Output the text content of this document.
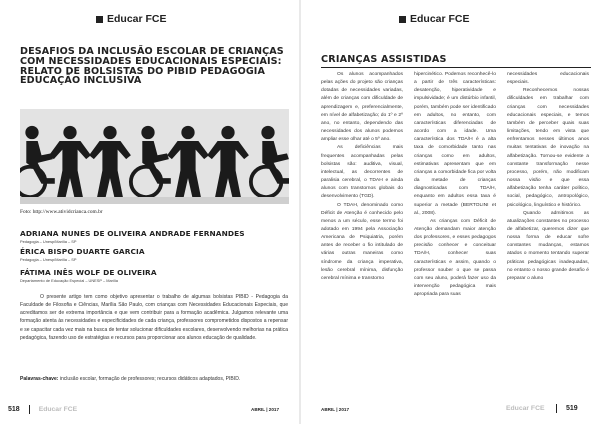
Educar FCE
DESAFIOS DA INCLUSÃO ESCOLAR DE CRIANÇAS COM NECESSIDADES EDUCACIONAIS ESPECIAIS: RELATO DE BOLSISTAS DO PIBID PEDAGOGIA EDUCAÇÃO INCLUSIVA
Foto: http://www.atividcrianca.com.br
ADRIANA NUNES DE OLIVEIRA ANDRADE FERNANDES
Pedagogia – Unesp/Marília – SP
ÉRICA BISPO DUARTE GARCIA
Pedagogia – Unesp/Marília – SP
FÁTIMA INÊS WOLF DE OLIVEIRA
Departamento de Educação Especial – UNESP – Marília
O presente artigo tem como objetivo apresentar o trabalho de algumas bolsistas PIBID - Pedagogia da Faculdade de Filosofia e Ciências, Marília São Paulo, com crianças com Necessidades Educacionais Especiais, que acreditamos ser de extrema importância e que vem contribuir para a formação acadêmica. Julgamos relevante uma formação atenta às necessidades e especificidades de cada criança, professores comprometidos dispostos a repensar e se capacitar cada vez mais na busca de tentar solucionar dificuldades escolares, desenvolvendo melhorias na prática pedagógica, fazendo uso de estratégias e recursos para proporcionar aos alunos educação de qualidade.
Palavras-chave: inclusão escolar, formação de professores; recursos didáticos adaptados, PIBID.
518	Educar FCE	ABRIL | 2017
Educar FCE
CRIANÇAS ASSISTIDAS

Os alunos acompanhados pelas ações do projeto são crianças dotadas de necessidades variadas, além de crianças com dificuldade de aprendizagem e, preferencialmente, em nível de alfabetização; do 1º e 2º ano, no entanto, dependendo das necessidades dos alunos podemos ampliar esse olhar até o 5º ano.

As deficiências mais frequentes acompanhadas pelas bolsistas são: auditiva, visual, intelectual, as decorrentes de paralisia cerebral, o TDAH e ainda alunos com transtornos globais do desenvolvimento (TGD).

O TDAH, denominado como Déficit de Atenção é conhecido pelo menos a um século, esse termo foi adotado em 1994 pela Associação Americana de Psiquiatria, porém antes de receber o fio intitulado de várias outras maneiras como síndrome da criança imperativa, lesão cerebral mínima, disfunção cerebral mínima e transtorno

hipercinético. Podemos reconhecê-lo a partir de três características: desatenção, hiperatividade e impulsividade; é um distúrbio infantil, porém, também pode ser identificado em adultos, no entanto, com características diferenciadas de acordo com a idade. Uma característica dos TDA/H é a alta taxa de comorbidade tanto nas crianças como em adultos, estimativas apresentam que em crianças a comorbidade fica por volta da metade de crianças diagnosticadas com TDA/H, enquanto em adultos essa taxa é superior a metade (BERTOLINI et al., 2008).

As crianças com Déficit de Atenção demandam maior atenção dos professores, e esses pedagogos precisão conhecer e conceituar TDA/H, conhecer suas características e assim, quando o professor souber o que se passa com seu aluno, poderá fazer uso da intervenção pedagógica mais apropriada para suas

necessidades educacionais especiais.

Reconhecemos nossas dificuldades em trabalhar com crianças com necessidades educacionais especiais, e temos também de perceber quais suas limitações, tendo em vista que enfrentamos nesses últimos anos muitas tentativas de inovação na alfabetização. Tornou-se evidente a constante transformação nesse processo, porém, não modificam nossa visão e que essa alfabetização tenha caráter político, social, pedagógico, antropológico, psicológico, linguístico e histórico.

Quando admitimos as atualizações constantes no processo de alfabetizar, queremos dizer que nossa forma de educar sofre constantes mudanças, estamos atados o momento tentando superar práticas pedagógicas inadequadas, no entanto o nosso grande desafio é preparar o aluno

ABRIL | 2017	Educar FCE	519
